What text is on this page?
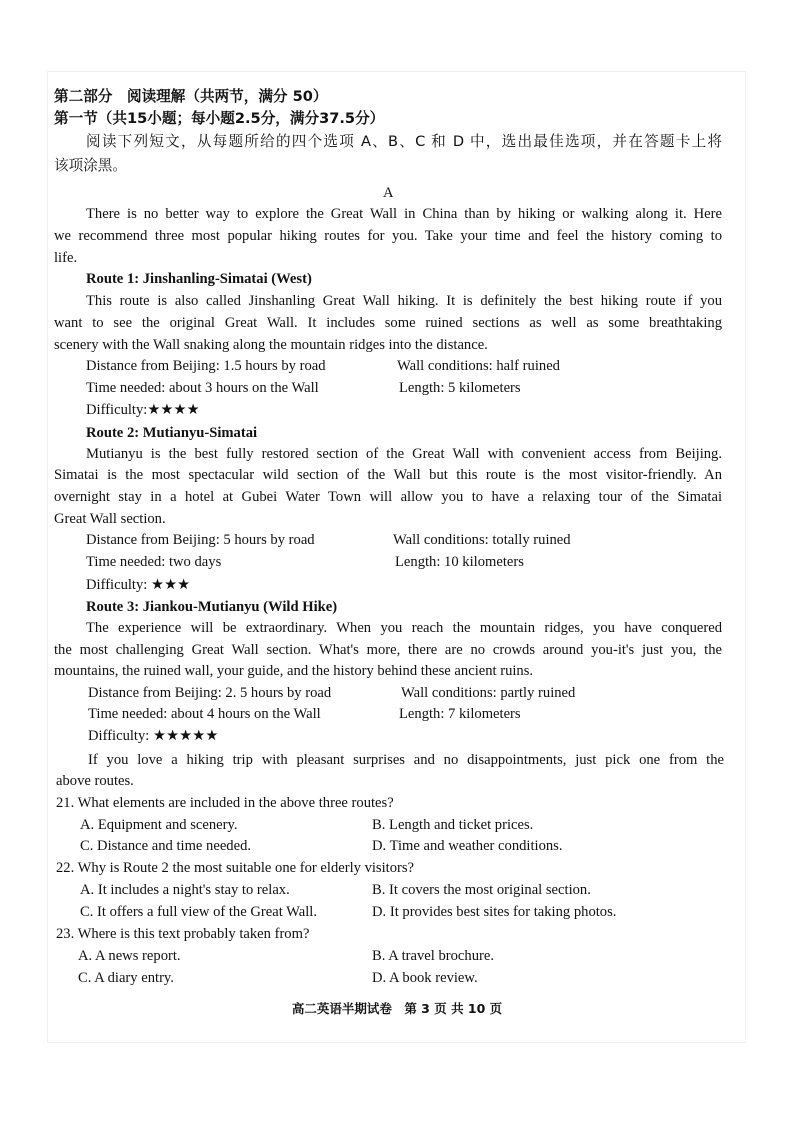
第二部分　阅读理解（共两节，满分 50）
第一节（共15小题；每小题2.5分，满分37.5分）
阅读下列短文，从每题所给的四个选项 A、B、C 和 D 中，选出最佳选项，并在答题卡上将
该项涂黑。
A
There is no better way to explore the Great Wall in China than by hiking or walking along it. Here
we recommend three most popular hiking routes for you. Take your time and feel the history coming to
life.
Route 1: Jinshanling-Simatai (West)
This route is also called Jinshanling Great Wall hiking. It is definitely the best hiking route if you
want to see the original Great Wall. It includes some ruined sections as well as some breathtaking
scenery with the Wall snaking along the mountain ridges into the distance.
Distance from Beijing: 1.5 hours by road	Wall conditions: half ruined
Time needed: about 3 hours on the Wall	Length: 5 kilometers
Difficulty:★★★★
Route 2: Mutianyu-Simatai
Mutianyu is the best fully restored section of the Great Wall with convenient access from Beijing.
Simatai is the most spectacular wild section of the Wall but this route is the most visitor-friendly. An
overnight stay in a hotel at Gubei Water Town will allow you to have a relaxing tour of the Simatai
Great Wall section.
Distance from Beijing: 5 hours by road	Wall conditions: totally ruined
Time needed: two days	Length: 10 kilometers
Difficulty: ★★★
Route 3: Jiankou-Mutianyu (Wild Hike)
The experience will be extraordinary. When you reach the mountain ridges, you have conquered
the most challenging Great Wall section. What's more, there are no crowds around you-it's just you, the
mountains, the ruined wall, your guide, and the history behind these ancient ruins.
Distance from Beijing: 2. 5 hours by road	Wall conditions: partly ruined
Time needed: about 4 hours on the Wall	Length: 7 kilometers
Difficulty: ★★★★★
If you love a hiking trip with pleasant surprises and no disappointments, just pick one from the
above routes.
21. What elements are included in the above three routes?
A. Equipment and scenery.	B. Length and ticket prices.
C. Distance and time needed.	D. Time and weather conditions.
22. Why is Route 2 the most suitable one for elderly visitors?
A. It includes a night's stay to relax.	B. It covers the most original section.
C. It offers a full view of the Great Wall.	D. It provides best sites for taking photos.
23. Where is this text probably taken from?
A. A news report.	B. A travel brochure.
C. A diary entry.	D. A book review.
高二英语半期试卷　第 3 页 共 10 页
